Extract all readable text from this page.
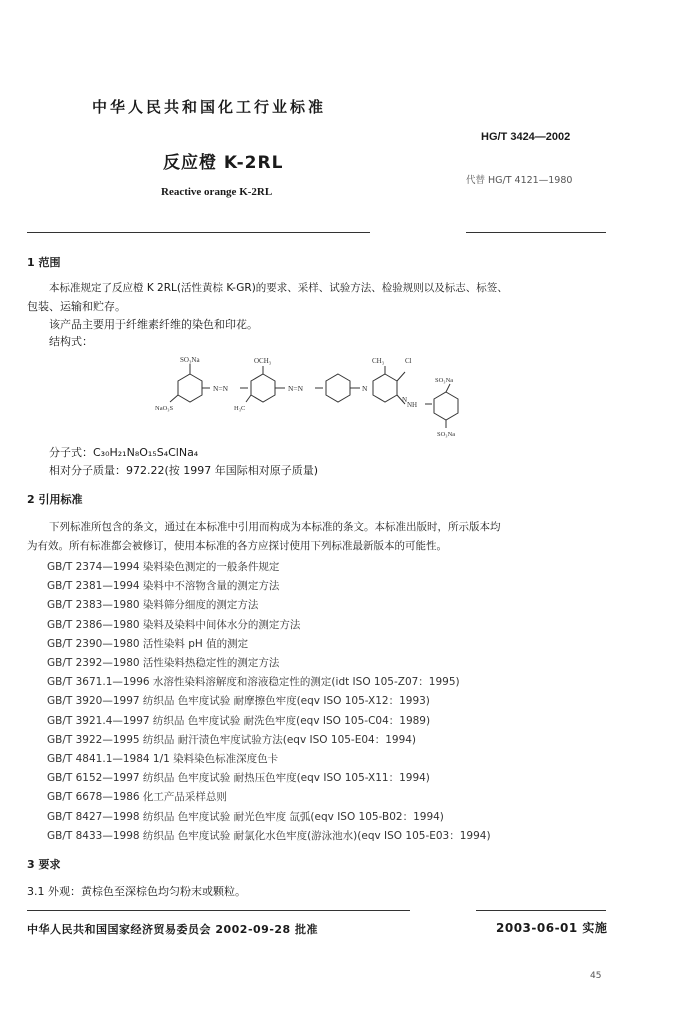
中华人民共和国化工行业标准
HG/T 3424—2002
反应橙 K-2RL
代替 HG/T 4121—1980
Reactive orange K-2RL
1 范围
本标准规定了反应橙 K 2RL(活性黄棕 K-GR)的要求、采样、试验方法、检验规则以及标志、标签、
包装、运输和贮存。
该产品主要用于纤维素纤维的染色和印花。
结构式：
SO₃Na	OCH₃	CH₃	Cl
N=N	N=N	N
N
NaO₃S	H₃C
SO₃Na
NH
SO₃Na
分子式：C₃₀H₂₁N₈O₁₅S₄ClNa₄
相对分子质量：972.22(按 1997 年国际相对原子质量)
2 引用标准
下列标准所包含的条文，通过在本标准中引用而构成为本标准的条文。本标准出版时，所示版本均
为有效。所有标准都会被修订，使用本标准的各方应探讨使用下列标准最新版本的可能性。
GB/T 2374—1994 染料染色测定的一般条件规定
GB/T 2381—1994 染料中不溶物含量的测定方法
GB/T 2383—1980 染料筛分细度的测定方法
GB/T 2386—1980 染料及染料中间体水分的测定方法
GB/T 2390—1980 活性染料 pH 值的测定
GB/T 2392—1980 活性染料热稳定性的测定方法
GB/T 3671.1—1996 水溶性染料溶解度和溶液稳定性的测定(idt ISO 105-Z07：1995)
GB/T 3920—1997 纺织品 色牢度试验 耐摩擦色牢度(eqv ISO 105-X12：1993)
GB/T 3921.4—1997 纺织品 色牢度试验 耐洗色牢度(eqv ISO 105-C04：1989)
GB/T 3922—1995 纺织品 耐汗渍色牢度试验方法(eqv ISO 105-E04：1994)
GB/T 4841.1—1984 1/1 染料染色标准深度色卡
GB/T 6152—1997 纺织品 色牢度试验 耐热压色牢度(eqv ISO 105-X11：1994)
GB/T 6678—1986 化工产品采样总则
GB/T 8427—1998 纺织品 色牢度试验 耐光色牢度 氙弧(eqv ISO 105-B02：1994)
GB/T 8433—1998 纺织品 色牢度试验 耐氯化水色牢度(游泳池水)(eqv ISO 105-E03：1994)
3 要求
3.1 外观：黄棕色至深棕色均匀粉末或颗粒。
中华人民共和国国家经济贸易委员会 2002-09-28 批准	2003-06-01 实施
45
